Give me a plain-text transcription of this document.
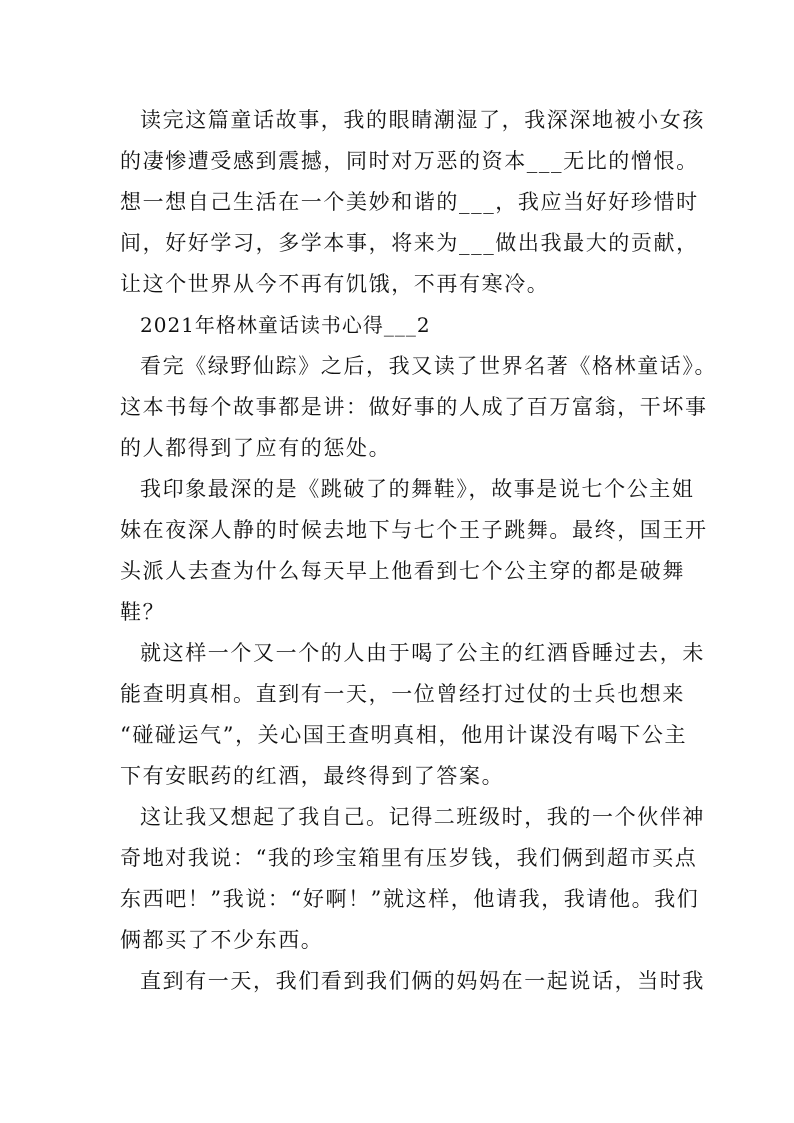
读完这篇童话故事，我的眼睛潮湿了，我深深地被小女孩
的凄惨遭受感到震撼，同时对万恶的资本___无比的憎恨。
想一想自己生活在一个美妙和谐的___，我应当好好珍惜时
间，好好学习，多学本事，将来为___做出我最大的贡献，
让这个世界从今不再有饥饿，不再有寒冷。
2021年格林童话读书心得___2
看完《绿野仙踪》之后，我又读了世界名著《格林童话》。
这本书每个故事都是讲：做好事的人成了百万富翁，干坏事
的人都得到了应有的惩处。
我印象最深的是《跳破了的舞鞋》，故事是说七个公主姐
妹在夜深人静的时候去地下与七个王子跳舞。最终，国王开
头派人去查为什么每天早上他看到七个公主穿的都是破舞
鞋？
就这样一个又一个的人由于喝了公主的红酒昏睡过去，未
能查明真相。直到有一天，一位曾经打过仗的士兵也想来
“碰碰运气”，关心国王查明真相，他用计谋没有喝下公主
下有安眠药的红酒，最终得到了答案。
这让我又想起了我自己。记得二班级时，我的一个伙伴神
奇地对我说：“我的珍宝箱里有压岁钱，我们俩到超市买点
东西吧！”我说：“好啊！”就这样，他请我，我请他。我们
俩都买了不少东西。
直到有一天，我们看到我们俩的妈妈在一起说话，当时我
